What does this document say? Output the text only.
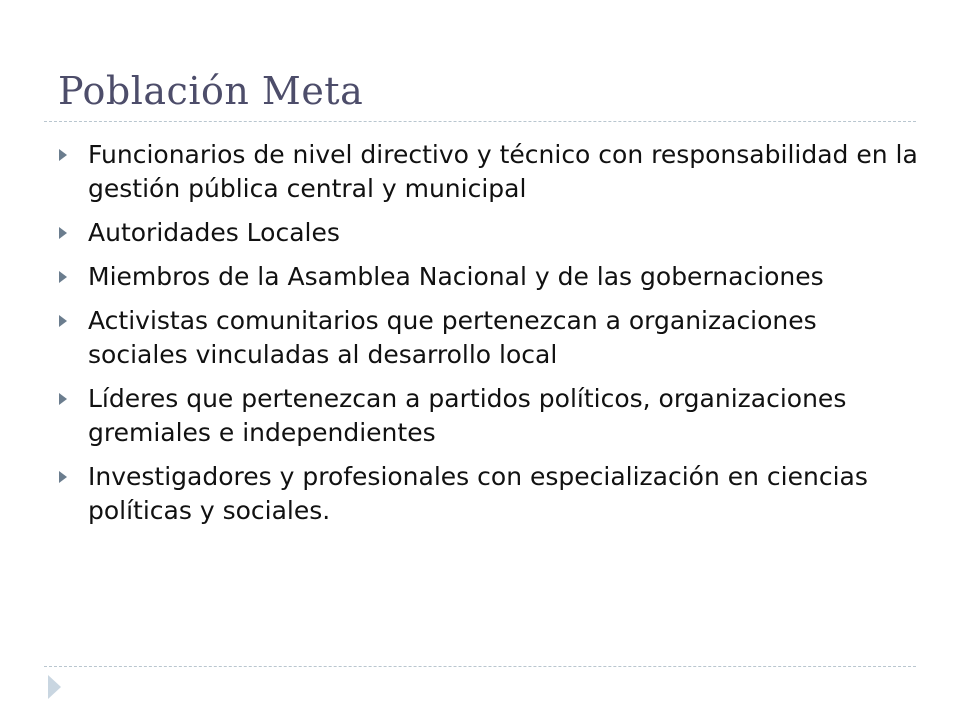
Población Meta
Funcionarios de nivel directivo y técnico con responsabilidad en la gestión pública central y municipal
Autoridades Locales
Miembros de la Asamblea Nacional y de las gobernaciones
Activistas comunitarios que pertenezcan a organizaciones sociales vinculadas al desarrollo local
Líderes que pertenezcan a partidos políticos, organizaciones gremiales e independientes
Investigadores y profesionales con especialización en ciencias políticas y sociales.
